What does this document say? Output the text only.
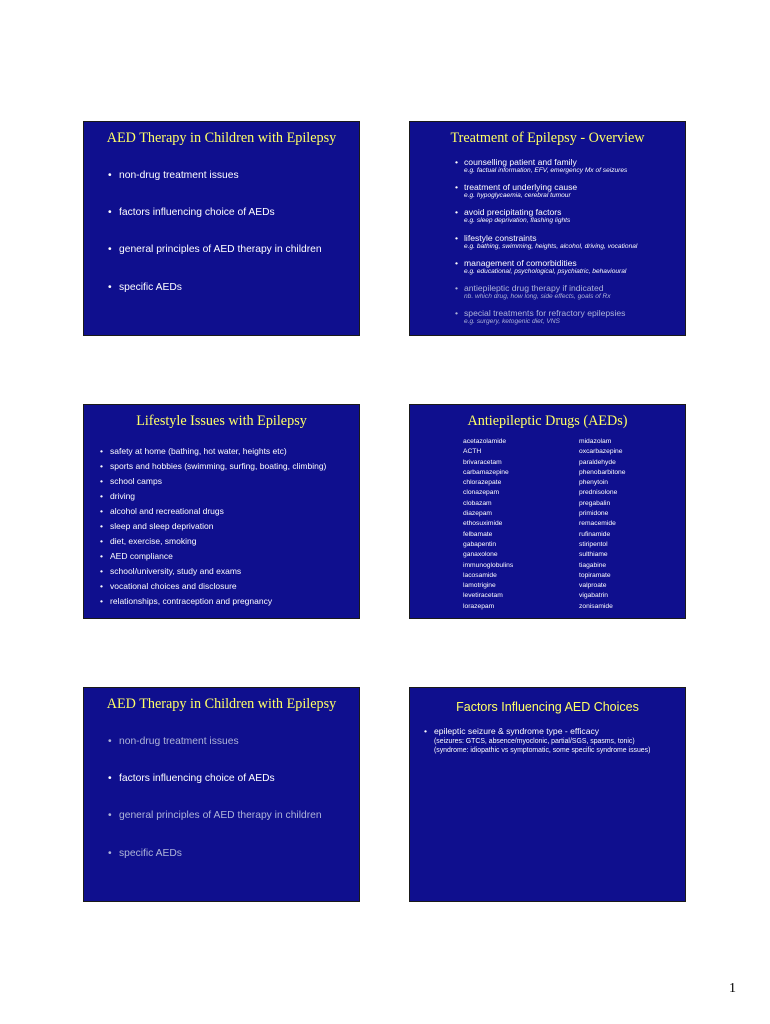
AED Therapy in Children with Epilepsy
• non-drug treatment issues
• factors influencing choice of AEDs
• general principles of AED therapy in children
• specific AEDs
Treatment of Epilepsy - Overview
• counselling patient and family
e.g. factual information, EFV, emergency Mx of seizures
• treatment of underlying cause
e.g. hypoglycaemia, cerebral tumour
• avoid precipitating factors
e.g. sleep deprivation, flashing lights
• lifestyle constraints
e.g. bathing, swimming, heights, alcohol, driving, vocational
• management of comorbidities
e.g. educational, psychological, psychiatric, behavioural
• antiepileptic drug therapy if indicated
nb. which drug, how long, side effects, goals of Rx
• special treatments for refractory epilepsies
e.g. surgery, ketogenic diet, VNS
Lifestyle Issues with Epilepsy
• safety at home (bathing, hot water, heights etc)
• sports and hobbies (swimming, surfing, boating, climbing)
• school camps
• driving
• alcohol and recreational drugs
• sleep and sleep deprivation
• diet, exercise, smoking
• AED compliance
• school/university, study and exams
• vocational choices and disclosure
• relationships, contraception and pregnancy
Antiepileptic Drugs (AEDs)
acetazolamide
ACTH
brivaracetam
carbamazepine
chlorazepate
clonazepam
clobazam
diazepam
ethosuximide
felbamate
gabapentin
ganaxolone
immunoglobulins
lacosamide
lamotrigine
levetiracetam
lorazepam
midazolam
oxcarbazepine
paraldehyde
phenobarbitone
phenytoin
prednisolone
pregabalin
primidone
remacemide
rufinamide
stiripentol
sulthiame
tiagabine
topiramate
valproate
vigabatrin
zonisamide
AED Therapy in Children with Epilepsy
• non-drug treatment issues
• factors influencing choice of AEDs
• general principles of AED therapy in children
• specific AEDs
Factors Influencing AED Choices
• epileptic seizure & syndrome type - efficacy
(seizures: GTCS, absence/myoclonic, partial/SGS, spasms, tonic)
(syndrome: idiopathic vs symptomatic, some specific syndrome issues)
1
